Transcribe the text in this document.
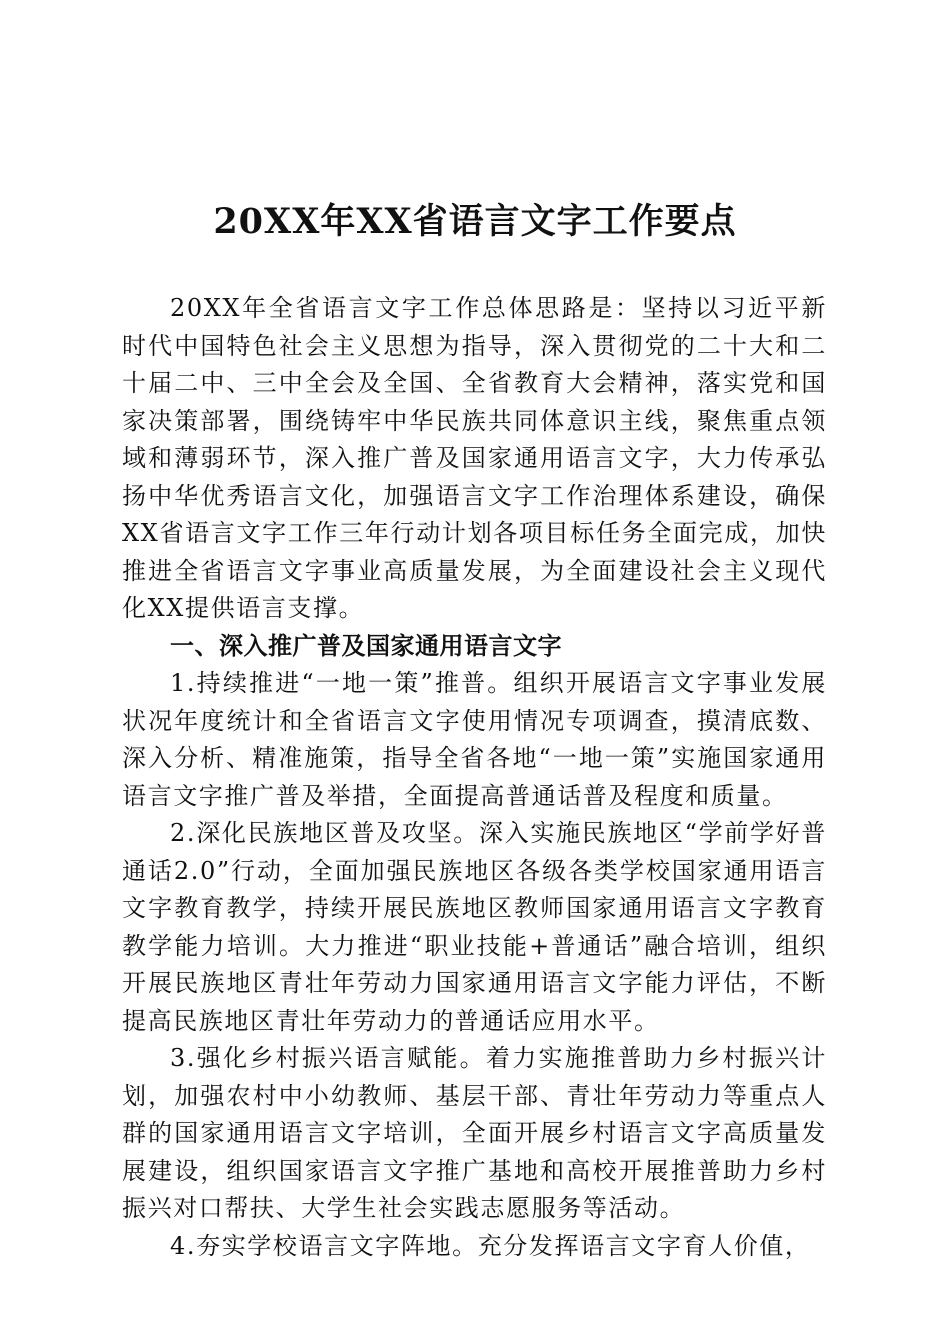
20XX年XX省语言文字工作要点

20XX年全省语言文字工作总体思路是：坚持以习近平新时代中国特色社会主义思想为指导，深入贯彻党的二十大和二十届二中、三中全会及全国、全省教育大会精神，落实党和国家决策部署，围绕铸牢中华民族共同体意识主线，聚焦重点领域和薄弱环节，深入推广普及国家通用语言文字，大力传承弘扬中华优秀语言文化，加强语言文字工作治理体系建设，确保XX省语言文字工作三年行动计划各项目标任务全面完成，加快推进全省语言文字事业高质量发展，为全面建设社会主义现代化XX提供语言支撑。

一、深入推广普及国家通用语言文字

1.持续推进“一地一策”推普。组织开展语言文字事业发展状况年度统计和全省语言文字使用情况专项调查，摸清底数、深入分析、精准施策，指导全省各地“一地一策”实施国家通用语言文字推广普及举措，全面提高普通话普及程度和质量。

2.深化民族地区普及攻坚。深入实施民族地区“学前学好普通话2.0”行动，全面加强民族地区各级各类学校国家通用语言文字教育教学，持续开展民族地区教师国家通用语言文字教育教学能力培训。大力推进“职业技能+普通话”融合培训，组织开展民族地区青壮年劳动力国家通用语言文字能力评估，不断提高民族地区青壮年劳动力的普通话应用水平。

3.强化乡村振兴语言赋能。着力实施推普助力乡村振兴计划，加强农村中小幼教师、基层干部、青壮年劳动力等重点人群的国家通用语言文字培训，全面开展乡村语言文字高质量发展建设，组织国家语言文字推广基地和高校开展推普助力乡村振兴对口帮扶、大学生社会实践志愿服务等活动。

4.夯实学校语言文字阵地。充分发挥语言文字育人价值，
